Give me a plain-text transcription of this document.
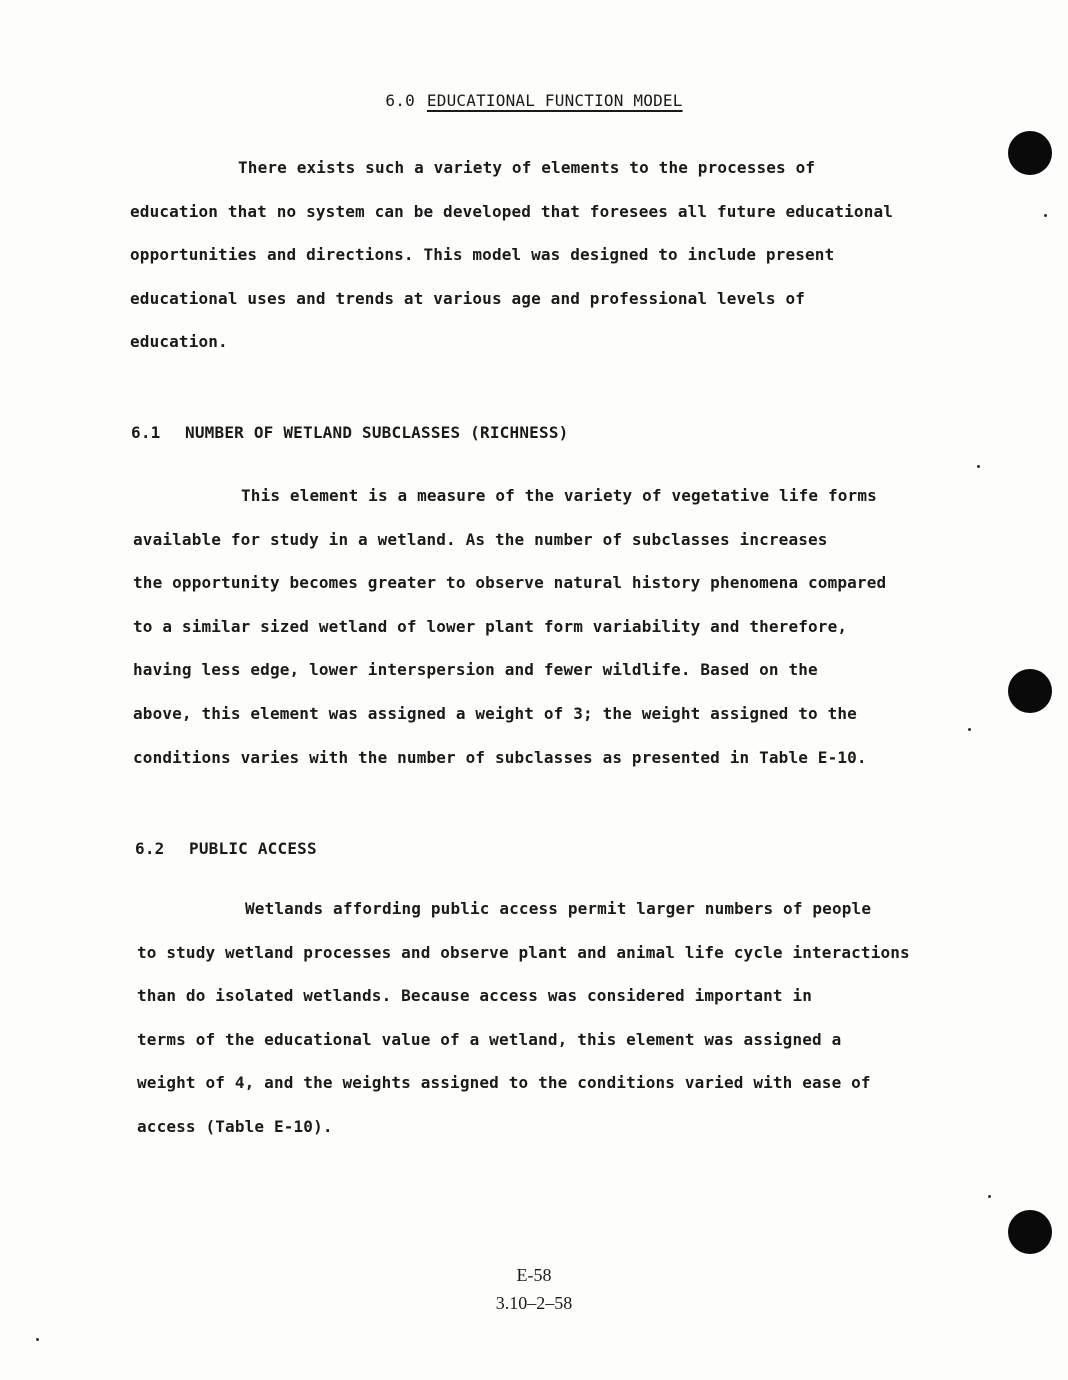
6.0 EDUCATIONAL FUNCTION MODEL
There exists such a variety of elements to the processes of
education that no system can be developed that foresees all future educational
opportunities and directions. This model was designed to include present
educational uses and trends at various age and professional levels of
education.
6.1 NUMBER OF WETLAND SUBCLASSES (RICHNESS)
This element is a measure of the variety of vegetative life forms
available for study in a wetland. As the number of subclasses increases
the opportunity becomes greater to observe natural history phenomena compared
to a similar sized wetland of lower plant form variability and therefore,
having less edge, lower interspersion and fewer wildlife. Based on the
above, this element was assigned a weight of 3; the weight assigned to the
conditions varies with the number of subclasses as presented in Table E-10.
6.2 PUBLIC ACCESS
Wetlands affording public access permit larger numbers of people
to study wetland processes and observe plant and animal life cycle interactions
than do isolated wetlands. Because access was considered important in
terms of the educational value of a wetland, this element was assigned a
weight of 4, and the weights assigned to the conditions varied with ease of
access (Table E-10).
E-58
3.10–2–58
